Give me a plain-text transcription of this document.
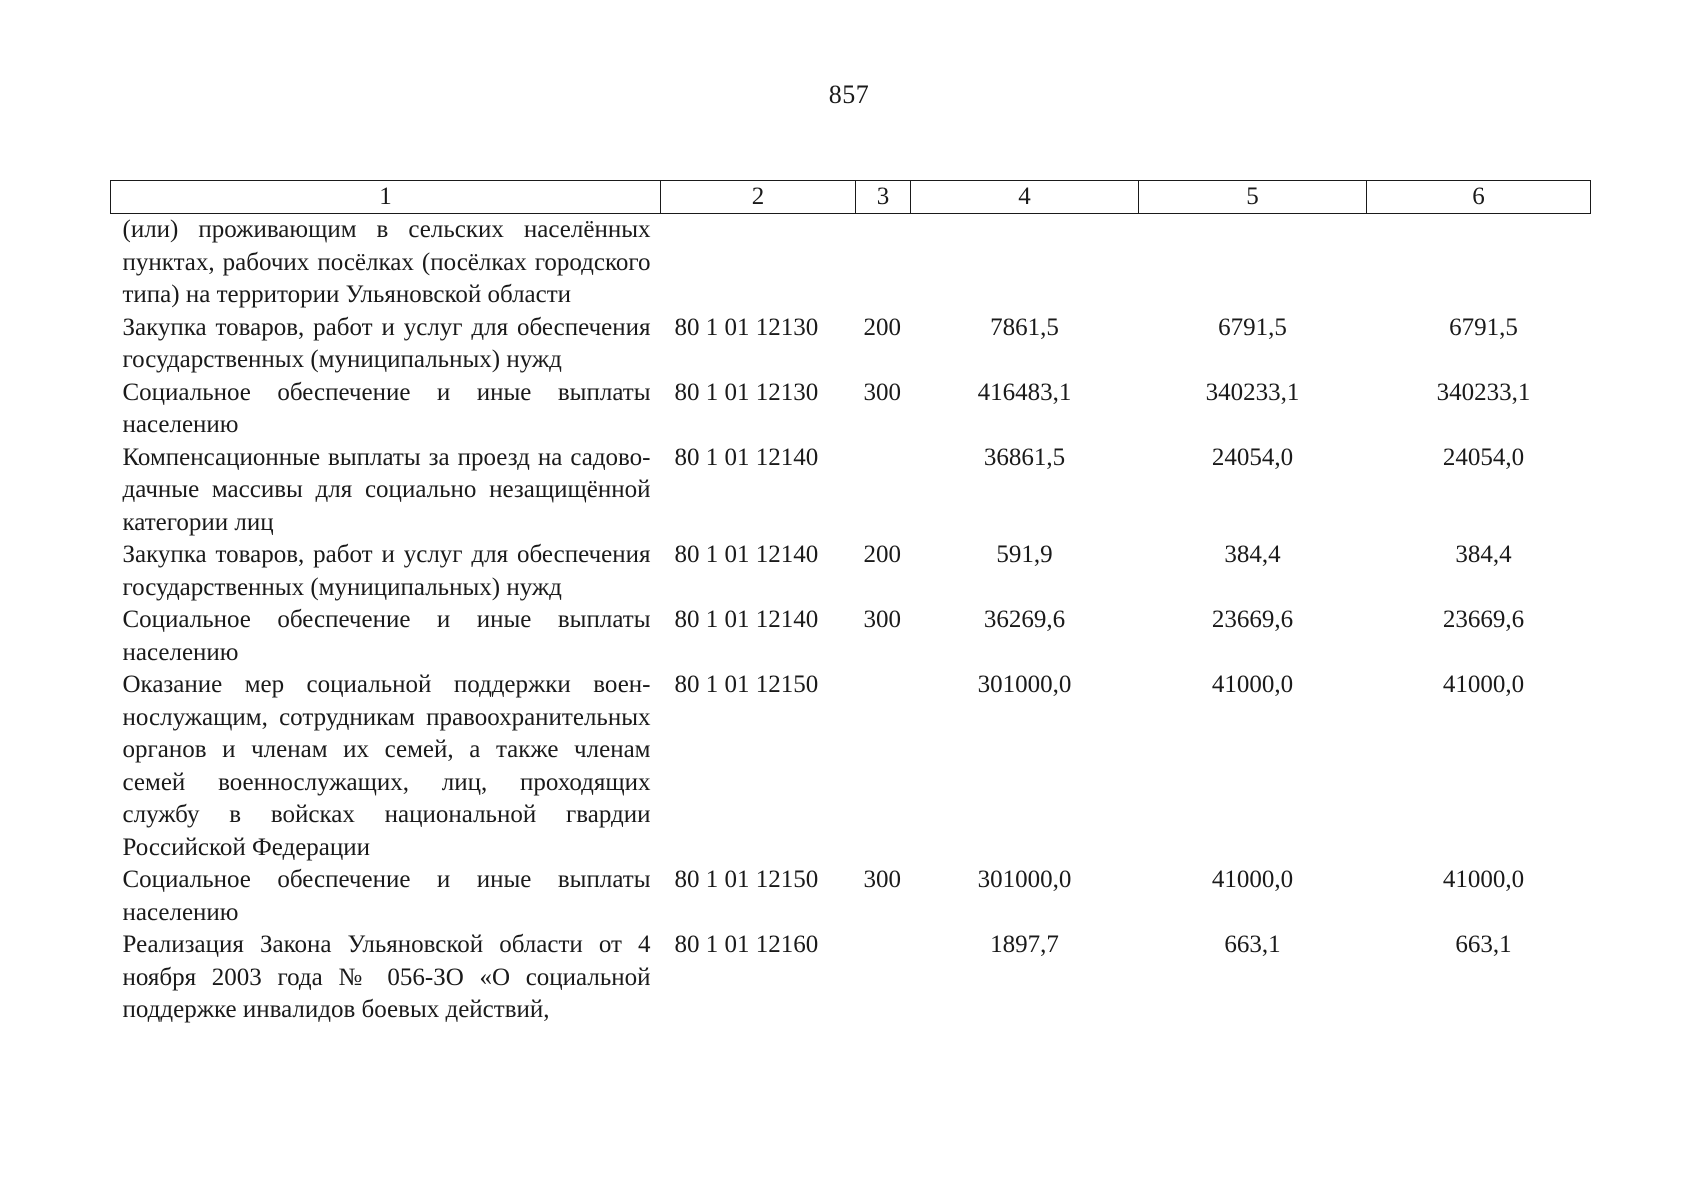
857
1	2	3	4	5	6
(или) проживающим в сельских населённых пунктах, рабочих посёлках (посёлках городского типа) на территории Ульяновской области					
Закупка товаров, работ и услуг для обеспечения государственных (муниципальных) нужд	80 1 01 12130	200	7861,5	6791,5	6791,5
Социальное обеспечение и иные выплаты населению	80 1 01 12130	300	416483,1	340233,1	340233,1
Компенсационные выплаты за проезд на садово-дачные массивы для социально незащищённой категории лиц	80 1 01 12140		36861,5	24054,0	24054,0
Закупка товаров, работ и услуг для обеспечения государственных (муниципальных) нужд	80 1 01 12140	200	591,9	384,4	384,4
Социальное обеспечение и иные выплаты населению	80 1 01 12140	300	36269,6	23669,6	23669,6
Оказание мер социальной поддержки военнослужащим, сотрудникам правоохранительных органов и членам их семей, а также членам семей военнослужащих, лиц, проходящих службу в войсках национальной гвардии Российской Федерации	80 1 01 12150		301000,0	41000,0	41000,0
Социальное обеспечение и иные выплаты населению	80 1 01 12150	300	301000,0	41000,0	41000,0
Реализация Закона Ульяновской области от 4 ноября 2003 года № 056-ЗО «О социальной поддержке инвалидов боевых действий,	80 1 01 12160		1897,7	663,1	663,1
